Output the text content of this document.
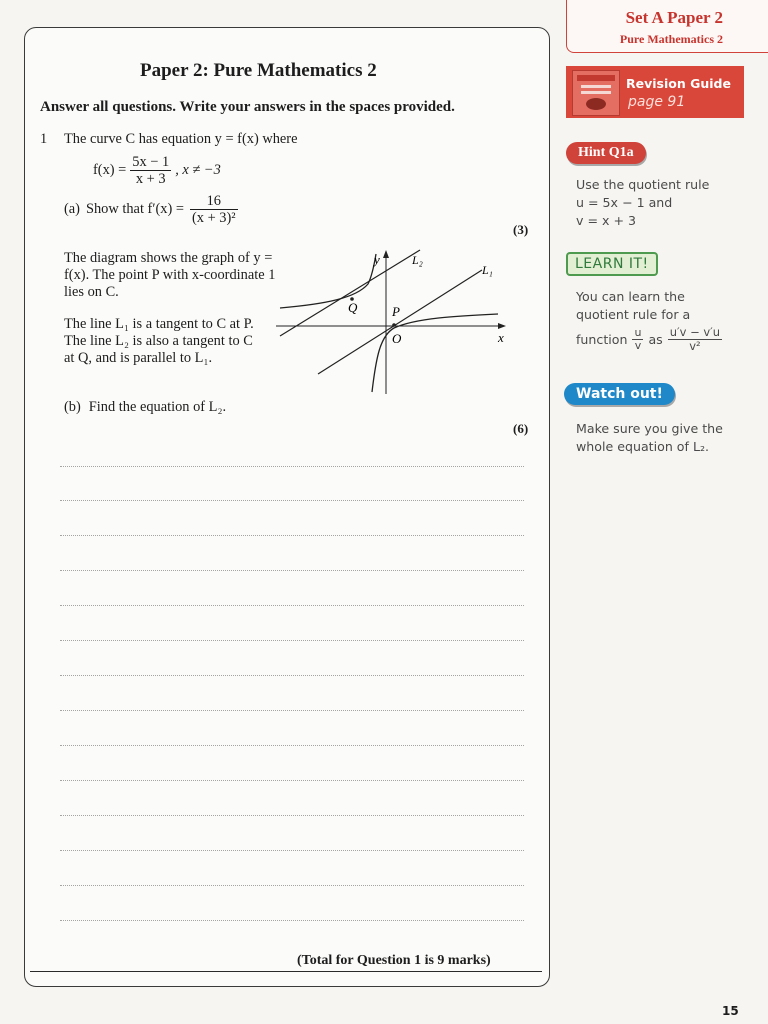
Set A Paper 2
Pure Mathematics 2
Revision Guide
page 91
Hint Q1a
Use the quotient rule
u = 5x − 1 and
v = x + 3
LEARN IT!
You can learn the
quotient rule for a
function $\frac{u}{v}$ as $\frac{u'v - v'u}{\text{v²}}$
Watch out!
Make sure you give the
whole equation of L₂.
Paper 2: Pure Mathematics 2
Answer all questions. Write your answers in the spaces provided.
1 The curve C has equation y = f(x) where
$f(x) = \frac{5x - 1}{x + 3}$ , x ≠ −3
(a) Show that $f'(x) = \frac{16}{\text{(x + 3)²}}$
(3)
The diagram shows the graph of y = f(x). The point P with x-coordinate 1 lies on C.
The line L₁ is a tangent to C at P. The line L₂ is also a tangent to C at Q, and is parallel to L₁.
y
x
O
P
Q
L₁
L₂
(b) Find the equation of L₂.
(6)
(Total for Question 1 is 9 marks)
15
